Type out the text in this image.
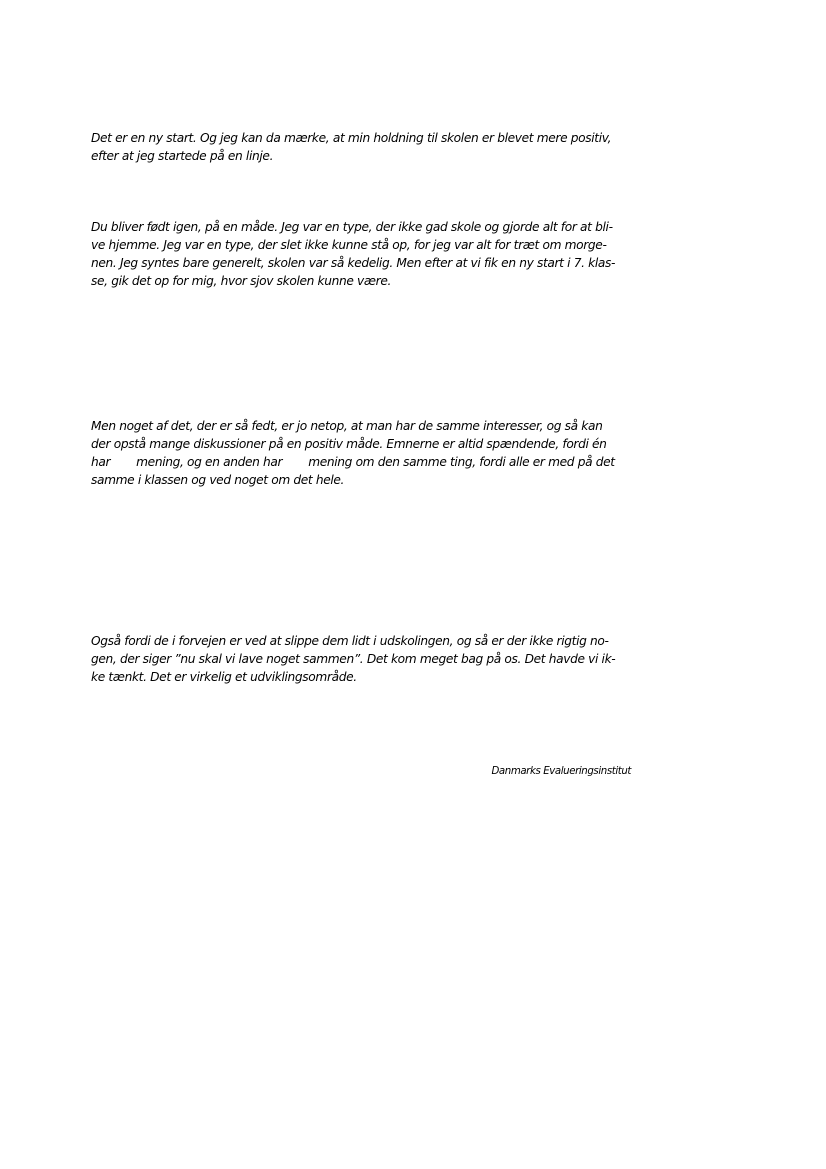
Det er en ny start. Og jeg kan da mærke, at min holdning til skolen er blevet mere positiv,
efter at jeg startede på en linje.

Du bliver født igen, på en måde. Jeg var en type, der ikke gad skole og gjorde alt for at bli-
ve hjemme. Jeg var en type, der slet ikke kunne stå op, for jeg var alt for træt om morge-
nen. Jeg syntes bare generelt, skolen var så kedelig. Men efter at vi fik en ny start i 7. klas-
se, gik det op for mig, hvor sjov skolen kunne være.

Men noget af det, der er så fedt, er jo netop, at man har de samme interesser, og så kan
der opstå mange diskussioner på en positiv måde. Emnerne er altid spændende, fordi én
har mening, og en anden har mening om den samme ting, fordi alle er med på det
samme i klassen og ved noget om det hele.

Også fordi de i forvejen er ved at slippe dem lidt i udskolingen, og så er der ikke rigtig no-
gen, der siger ”nu skal vi lave noget sammen”. Det kom meget bag på os. Det havde vi ik-
ke tænkt. Det er virkelig et udviklingsområde.

Danmarks Evalueringsinstitut
